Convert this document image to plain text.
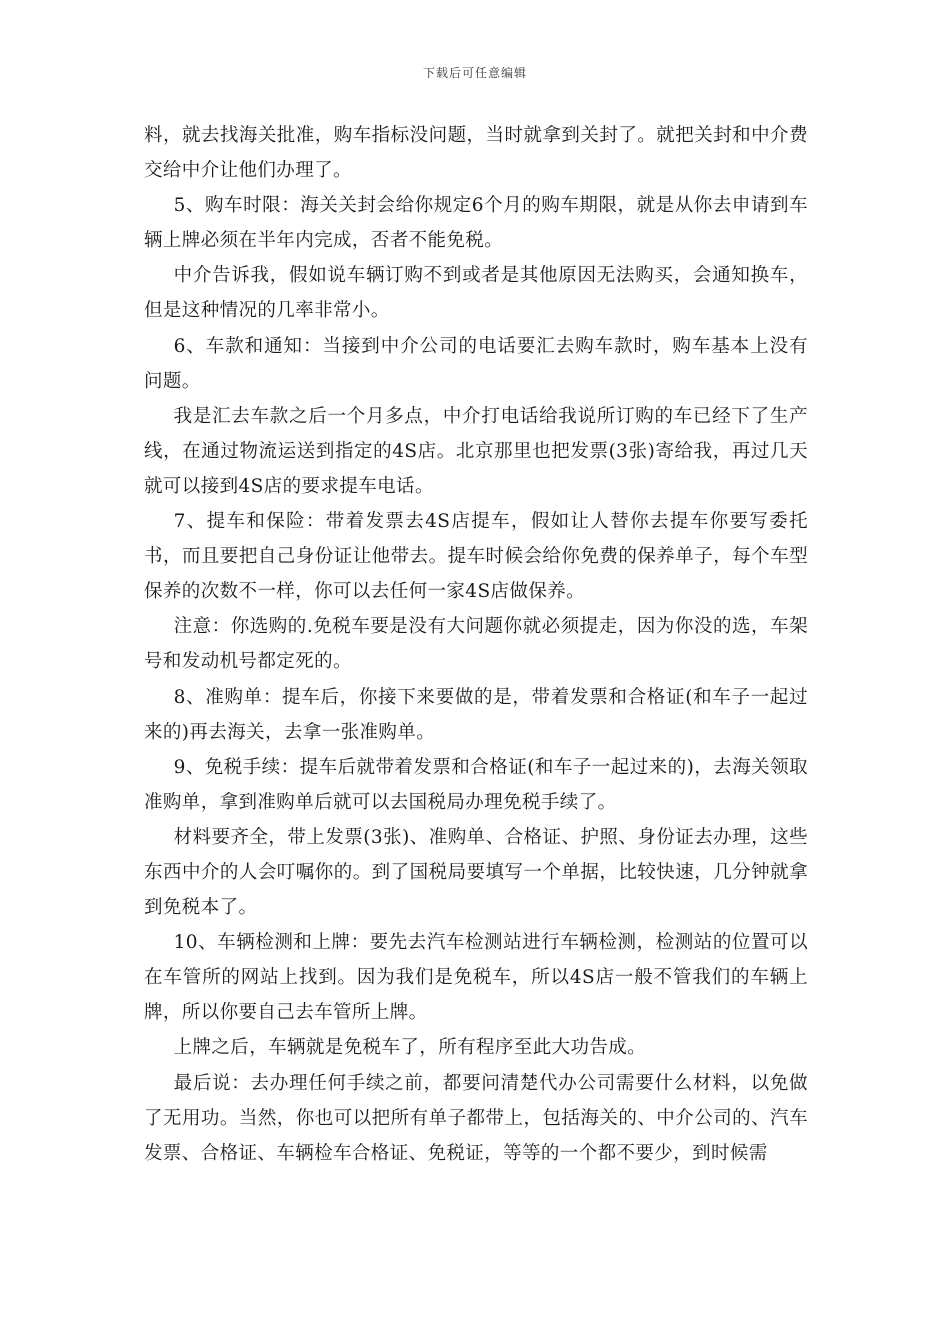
下载后可任意编辑

料，就去找海关批准，购车指标没问题，当时就拿到关封了。就把关封和中介费交给中介让他们办理了。

5、购车时限：海关关封会给你规定6个月的购车期限，就是从你去申请到车辆上牌必须在半年内完成，否者不能免税。

中介告诉我，假如说车辆订购不到或者是其他原因无法购买，会通知换车，但是这种情况的几率非常小。

6、车款和通知：当接到中介公司的电话要汇去购车款时，购车基本上没有问题。

我是汇去车款之后一个月多点，中介打电话给我说所订购的车已经下了生产线，在通过物流运送到指定的4S店。北京那里也把发票(3张)寄给我，再过几天就可以接到4S店的要求提车电话。

7、提车和保险：带着发票去4S店提车，假如让人替你去提车你要写委托书，而且要把自己身份证让他带去。提车时候会给你免费的保养单子，每个车型保养的次数不一样，你可以去任何一家4S店做保养。

注意：你选购的.免税车要是没有大问题你就必须提走，因为你没的选，车架号和发动机号都定死的。

8、准购单：提车后，你接下来要做的是，带着发票和合格证(和车子一起过来的)再去海关，去拿一张准购单。

9、免税手续：提车后就带着发票和合格证(和车子一起过来的)，去海关领取准购单，拿到准购单后就可以去国税局办理免税手续了。

材料要齐全，带上发票(3张)、准购单、合格证、护照、身份证去办理，这些东西中介的人会叮嘱你的。到了国税局要填写一个单据，比较快速，几分钟就拿到免税本了。

10、车辆检测和上牌：要先去汽车检测站进行车辆检测，检测站的位置可以在车管所的网站上找到。因为我们是免税车，所以4S店一般不管我们的车辆上牌，所以你要自己去车管所上牌。

上牌之后，车辆就是免税车了，所有程序至此大功告成。

最后说：去办理任何手续之前，都要问清楚代办公司需要什么材料，以免做了无用功。当然，你也可以把所有单子都带上，包括海关的、中介公司的、汽车发票、合格证、车辆检车合格证、免税证，等等的一个都不要少，到时候需
